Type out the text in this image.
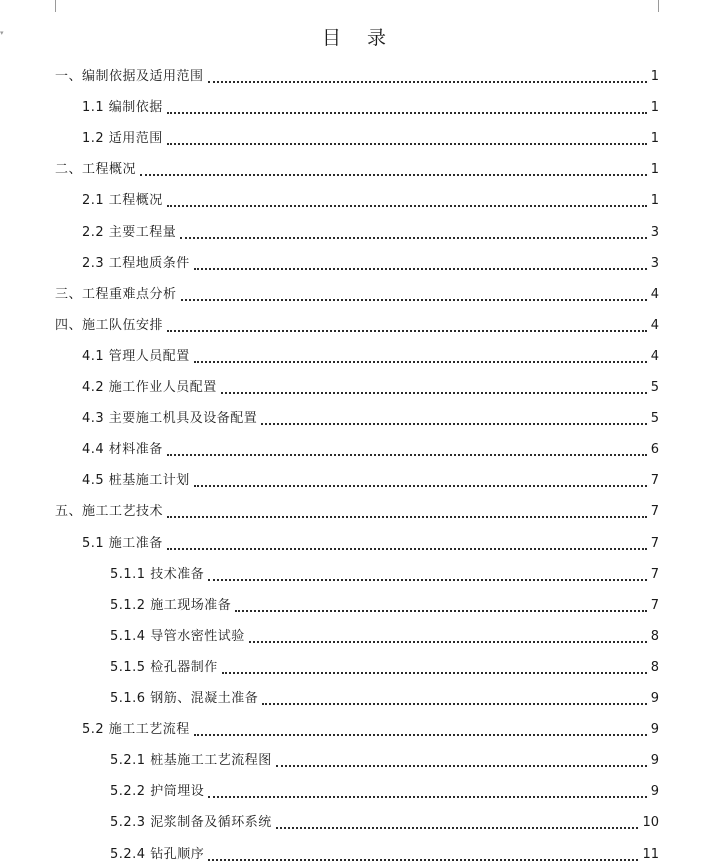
▾	目 录
一、编制依据及适用范围	1
1.1 编制依据	1
1.2 适用范围	1
二、工程概况	1
2.1 工程概况	1
2.2 主要工程量	3
2.3 工程地质条件	3
三、工程重难点分析	4
四、施工队伍安排	4
4.1 管理人员配置	4
4.2 施工作业人员配置	5
4.3 主要施工机具及设备配置	5
4.4 材料准备	6
4.5 桩基施工计划	7
五、施工工艺技术	7
5.1 施工准备	7
5.1.1 技术准备	7
5.1.2 施工现场准备	7
5.1.4 导管水密性试验	8
5.1.5 检孔器制作	8
5.1.6 钢筋、混凝土准备	9
5.2 施工工艺流程	9
5.2.1 桩基施工工艺流程图	9
5.2.2 护筒埋设	9
5.2.3 泥浆制备及循环系统	10
5.2.4 钻孔顺序	11
